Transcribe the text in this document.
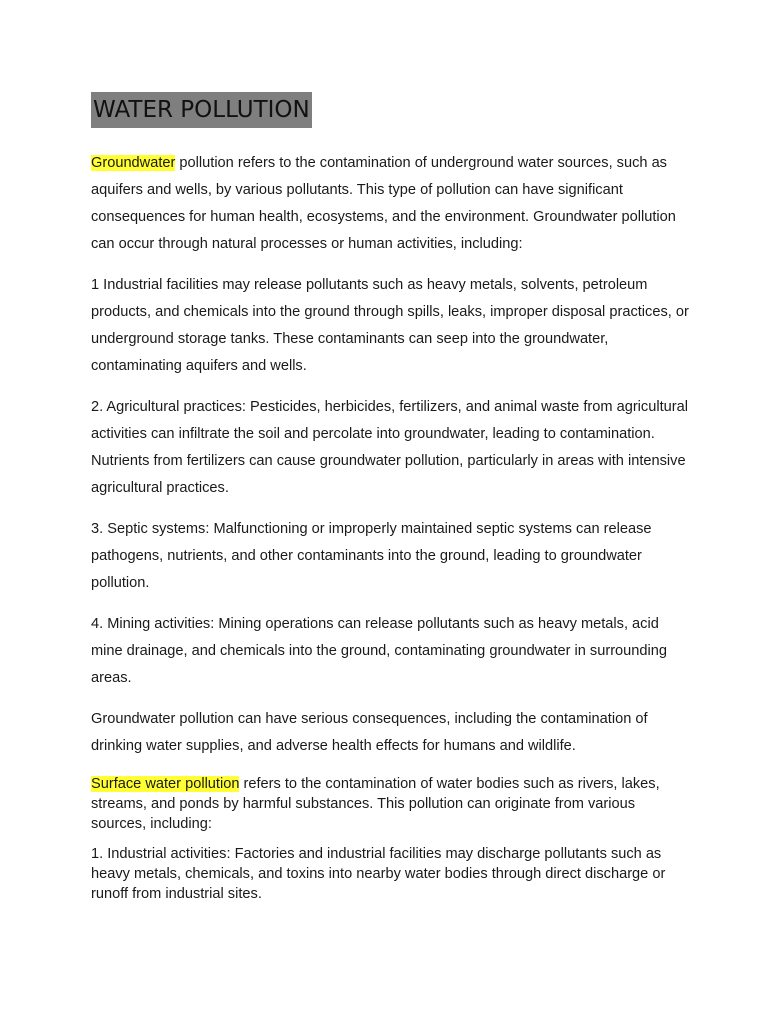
WATER POLLUTION

Groundwater pollution refers to the contamination of underground water sources, such as aquifers and wells, by various pollutants. This type of pollution can have significant consequences for human health, ecosystems, and the environment. Groundwater pollution can occur through natural processes or human activities, including:

1 Industrial facilities may release pollutants such as heavy metals, solvents, petroleum products, and chemicals into the ground through spills, leaks, improper disposal practices, or underground storage tanks. These contaminants can seep into the groundwater, contaminating aquifers and wells.

2. Agricultural practices: Pesticides, herbicides, fertilizers, and animal waste from agricultural activities can infiltrate the soil and percolate into groundwater, leading to contamination. Nutrients from fertilizers can cause groundwater pollution, particularly in areas with intensive agricultural practices.

3. Septic systems: Malfunctioning or improperly maintained septic systems can release pathogens, nutrients, and other contaminants into the ground, leading to groundwater pollution.

4. Mining activities: Mining operations can release pollutants such as heavy metals, acid mine drainage, and chemicals into the ground, contaminating groundwater in surrounding areas.

Groundwater pollution can have serious consequences, including the contamination of drinking water supplies, and adverse health effects for humans and wildlife.

Surface water pollution refers to the contamination of water bodies such as rivers, lakes, streams, and ponds by harmful substances. This pollution can originate from various sources, including:

1. Industrial activities: Factories and industrial facilities may discharge pollutants such as heavy metals, chemicals, and toxins into nearby water bodies through direct discharge or runoff from industrial sites.
